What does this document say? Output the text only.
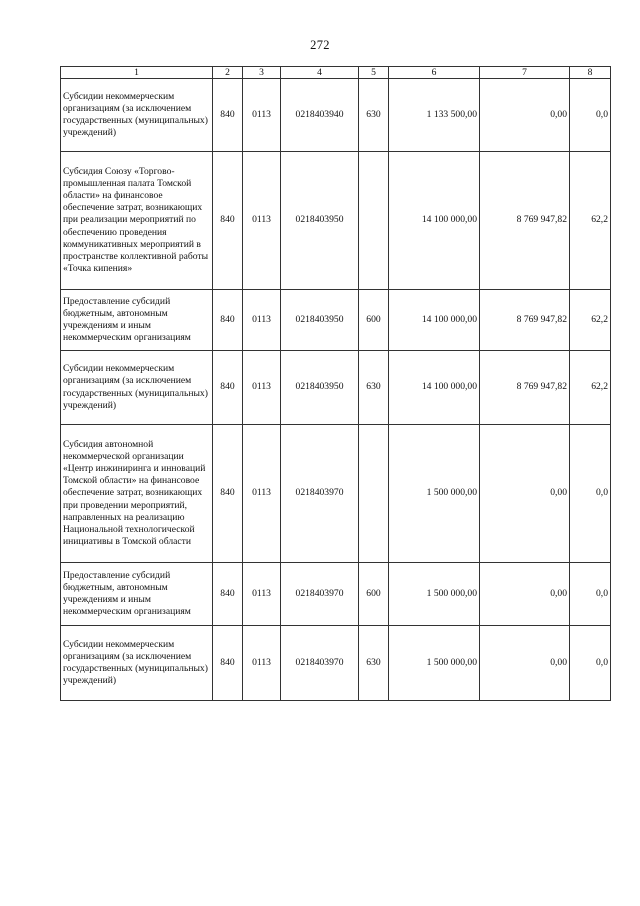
272
1	2	3	4	5	6	7	8
Субсидии некоммерческим организациям (за исключением государственных (муниципальных) учреждений)	840	0113	0218403940	630	1 133 500,00	0,00	0,0
Субсидия Союзу «Торгово-промышленная палата Томской области» на финансовое обеспечение затрат, возникающих при реализации мероприятий по обеспечению проведения коммуникативных мероприятий в пространстве коллективной работы «Точка кипения»	840	0113	0218403950		14 100 000,00	8 769 947,82	62,2
Предоставление субсидий бюджетным, автономным учреждениям и иным некоммерческим организациям	840	0113	0218403950	600	14 100 000,00	8 769 947,82	62,2
Субсидии некоммерческим организациям (за исключением государственных (муниципальных) учреждений)	840	0113	0218403950	630	14 100 000,00	8 769 947,82	62,2
Субсидия автономной некоммерческой организации «Центр инжиниринга и инноваций Томской области» на финансовое обеспечение затрат, возникающих при проведении мероприятий, направленных на реализацию Национальной технологической инициативы в Томской области	840	0113	0218403970		1 500 000,00	0,00	0,0
Предоставление субсидий бюджетным, автономным учреждениям и иным некоммерческим организациям	840	0113	0218403970	600	1 500 000,00	0,00	0,0
Субсидии некоммерческим организациям (за исключением государственных (муниципальных) учреждений)	840	0113	0218403970	630	1 500 000,00	0,00	0,0
